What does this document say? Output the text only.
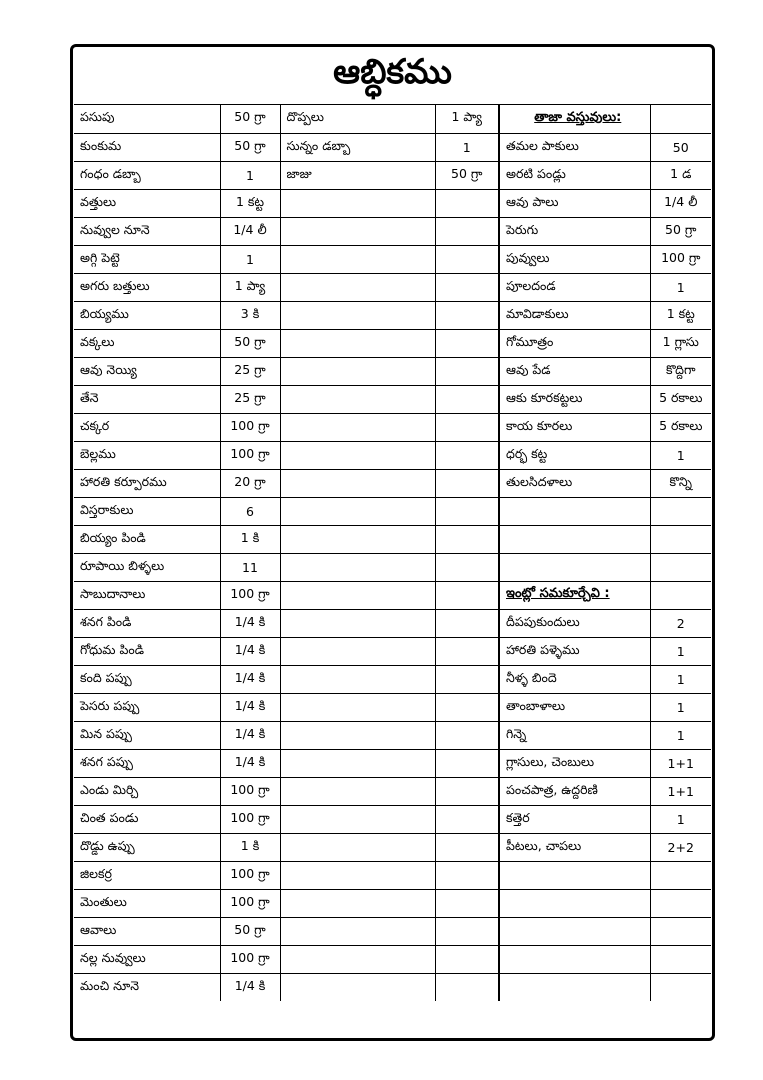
ఆబ్ధికము
పసుపు	50 గ్రా	దొప్పలు	1 ప్యా	తాజా వస్తువులు:	
కుంకుమ	50 గ్రా	సున్నం డబ్బా	1	తమల పాకులు	50
గంధం డబ్బా	1	జాజు	50 గ్రా	అరటి పండ్లు	1 డ
వత్తులు	1 కట్ట			ఆవు పాలు	1/4 లీ
నువ్వుల నూనె	1/4 లీ			పెరుగు	50 గ్రా
అగ్గి పెట్టె	1			పువ్వులు	100 గ్రా
అగరు బత్తులు	1 ప్యా			పూలదండ	1
బియ్యము	3 కి			మావిడాకులు	1 కట్ట
వక్కలు	50 గ్రా			గోమూత్రం	1 గ్లాసు
ఆవు నెయ్యి	25 గ్రా			ఆవు పేడ	కొద్దిగా
తేనె	25 గ్రా			ఆకు కూరకట్టలు	5 రకాలు
చక్కర	100 గ్రా			కాయ కూరలు	5 రకాలు
బెల్లము	100 గ్రా			ధర్భ కట్ట	1
హారతి కర్పూరము	20 గ్రా			తులసిదళాలు	కొన్ని
విస్తరాకులు	6				
బియ్యం పిండి	1 కి				
రూపాయి బిళ్ళలు	11				
సాబుదానాలు	100 గ్రా			ఇంట్లో సమకూర్చేవి :	
శనగ పిండి	1/4 కి			దీపపుకుందులు	2
గోధుమ పిండి	1/4 కి			హారతి పళ్ళెము	1
కంది పప్పు	1/4 కి			నీళ్ళ బిందె	1
పెసరు పప్పు	1/4 కి			తాంబాళాలు	1
మిన పప్పు	1/4 కి			గిన్నె	1
శనగ పప్పు	1/4 కి			గ్లాసులు, చెంబులు	1+1
ఎండు మిర్చి	100 గ్రా			పంచపాత్ర, ఉద్దరిణి	1+1
చింత పండు	100 గ్రా			కత్తెర	1
దొడ్డు ఉప్పు	1 కి			పీటలు, చాపలు	2+2
జిలకర్ర	100 గ్రా				
మెంతులు	100 గ్రా				
ఆవాలు	50 గ్రా				
నల్ల నువ్వులు	100 గ్రా				
మంచి నూనె	1/4 కి				
